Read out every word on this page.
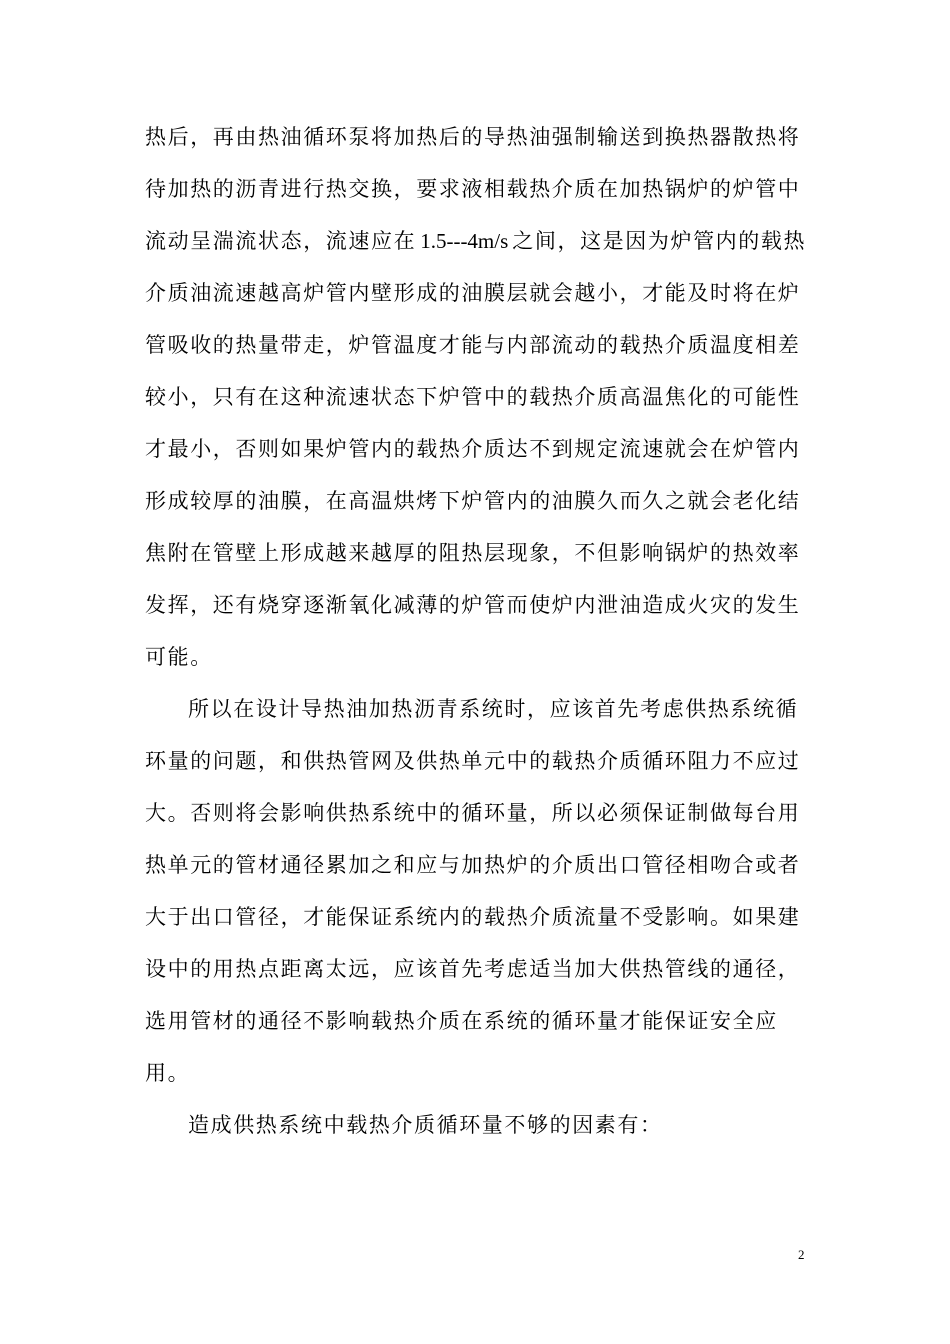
热后，再由热油循环泵将加热后的导热油强制输送到换热器散热将
待加热的沥青进行热交换，要求液相载热介质在加热锅炉的炉管中
流动呈湍流状态，流速应在 1.5---4m/s 之间，这是因为炉管内的载热
介质油流速越高炉管内壁形成的油膜层就会越小，才能及时将在炉
管吸收的热量带走，炉管温度才能与内部流动的载热介质温度相差
较小，只有在这种流速状态下炉管中的载热介质高温焦化的可能性
才最小，否则如果炉管内的载热介质达不到规定流速就会在炉管内
形成较厚的油膜，在高温烘烤下炉管内的油膜久而久之就会老化结
焦附在管壁上形成越来越厚的阻热层现象，不但影响锅炉的热效率
发挥，还有烧穿逐渐氧化减薄的炉管而使炉内泄油造成火灾的发生
可能。
所以在设计导热油加热沥青系统时，应该首先考虑供热系统循
环量的问题，和供热管网及供热单元中的载热介质循环阻力不应过
大。否则将会影响供热系统中的循环量，所以必须保证制做每台用
热单元的管材通径累加之和应与加热炉的介质出口管径相吻合或者
大于出口管径，才能保证系统内的载热介质流量不受影响。如果建
设中的用热点距离太远，应该首先考虑适当加大供热管线的通径，
选用管材的通径不影响载热介质在系统的循环量才能保证安全应
用。
造成供热系统中载热介质循环量不够的因素有：
2
